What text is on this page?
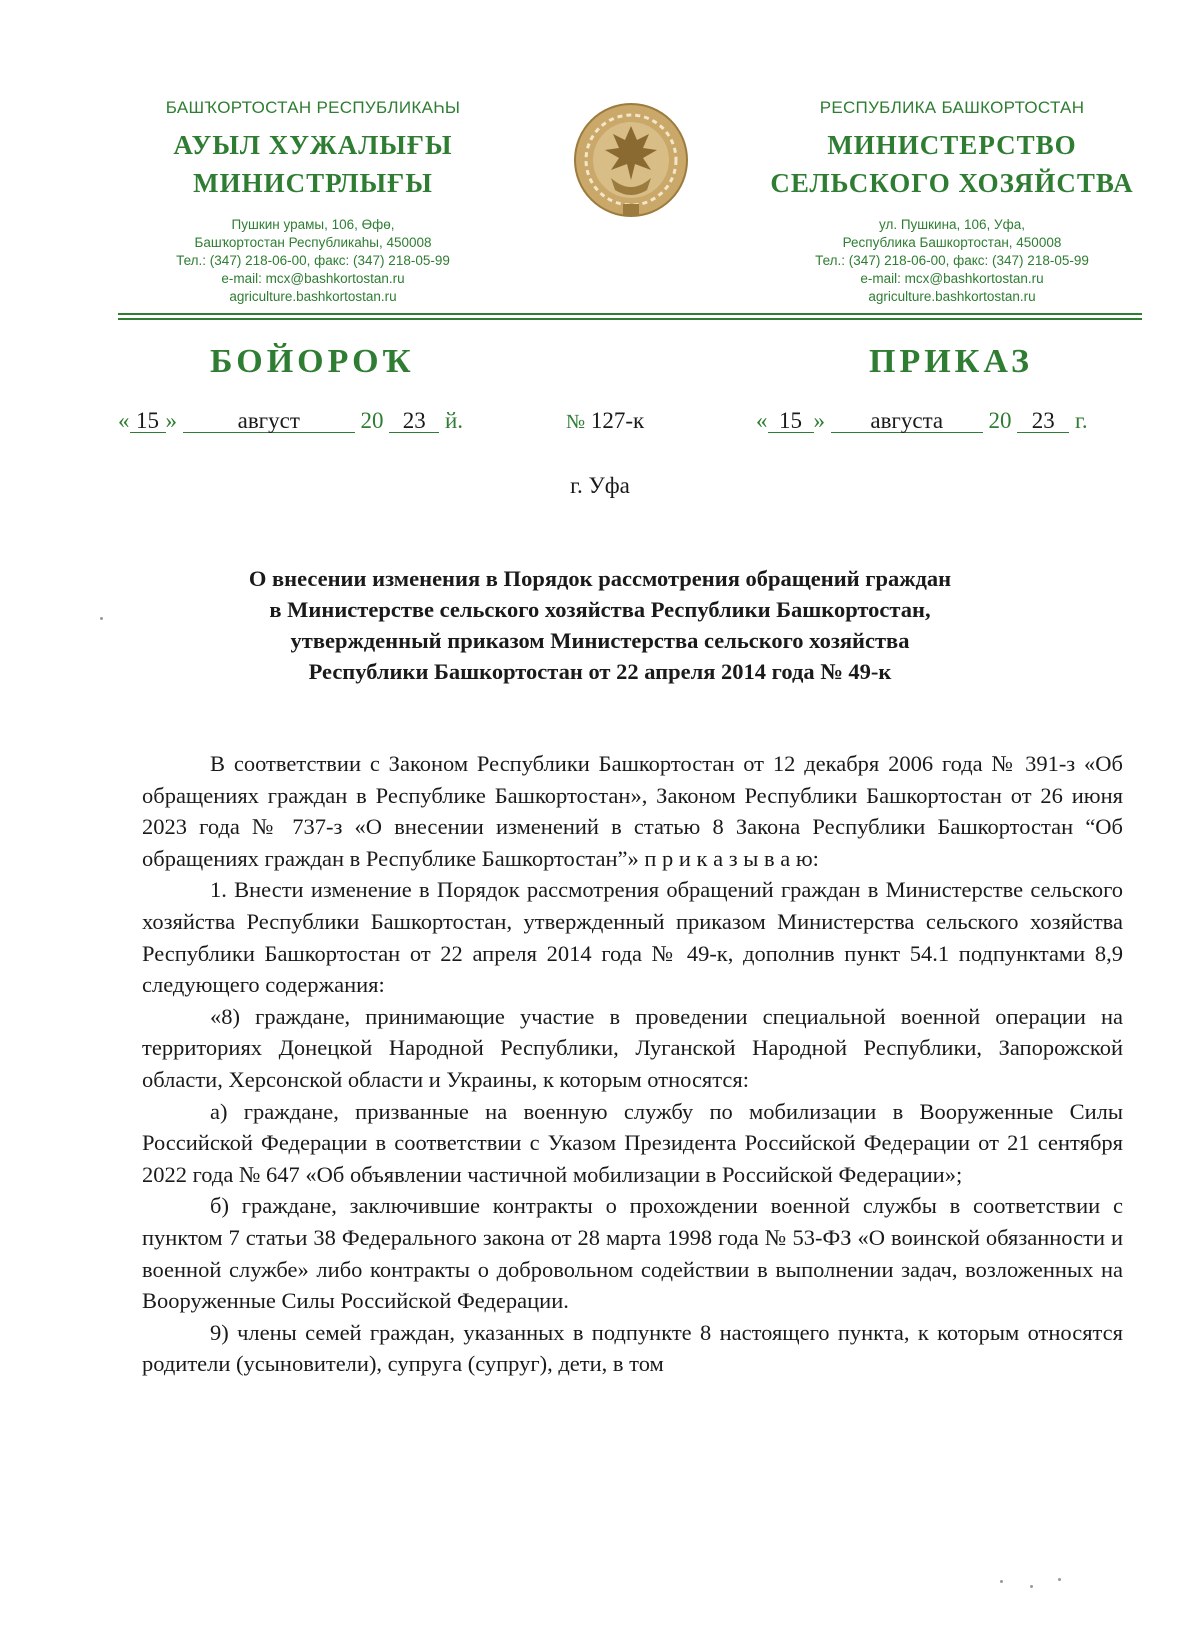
БАШҠОРТОСТАН РЕСПУБЛИКАҺЫ
АУЫЛ ХУЖАЛЫҒЫ
МИНИСТРЛЫҒЫ
Пушкин урамы, 106, Өфө,
Башҡортостан Республикаһы, 450008
Тел.: (347) 218-06-00, факс: (347) 218-05-99
e-mail: mcx@bashkortostan.ru
agriculture.bashkortostan.ru
РЕСПУБЛИКА БАШКОРТОСТАН
МИНИСТЕРСТВО
СЕЛЬСКОГО ХОЗЯЙСТВА
ул. Пушкина, 106, Уфа,
Республика Башкортостан, 450008
Тел.: (347) 218-06-00, факс: (347) 218-05-99
e-mail: mcx@bashkortostan.ru
agriculture.bashkortostan.ru
БОЙОРОҠ	ПРИКАЗ
« 15 »	август	20 23 й.	№ 127-к	« 15 » августа 20 23 г.
г. Уфа
О внесении изменения в Порядок рассмотрения обращений граждан
в Министерстве сельского хозяйства Республики Башкортостан,
утвержденный приказом Министерства сельского хозяйства
Республики Башкортостан от 22 апреля 2014 года № 49-к

В соответствии с Законом Республики Башкортостан от 12 декабря 2006 года № 391-з «Об обращениях граждан в Республике Башкортостан», Законом Республики Башкортостан от 26 июня 2023 года № 737-з «О внесении изменений в статью 8 Закона Республики Башкортостан “Об обращениях граждан в Республике Башкортостан”» п р и к а з ы в а ю:

1. Внести изменение в Порядок рассмотрения обращений граждан в Министерстве сельского хозяйства Республики Башкортостан, утвержденный приказом Министерства сельского хозяйства Республики Башкортостан от 22 апреля 2014 года № 49-к, дополнив пункт 54.1 подпунктами 8,9 следующего содержания:

«8) граждане, принимающие участие в проведении специальной военной операции на территориях Донецкой Народной Республики, Луганской Народной Республики, Запорожской области, Херсонской области и Украины, к которым относятся:

а) граждане, призванные на военную службу по мобилизации в Вооруженные Силы Российской Федерации в соответствии с Указом Президента Российской Федерации от 21 сентября 2022 года № 647 «Об объявлении частичной мобилизации в Российской Федерации»;

б) граждане, заключившие контракты о прохождении военной службы в соответствии с пунктом 7 статьи 38 Федерального закона от 28 марта 1998 года № 53-ФЗ «О воинской обязанности и военной службе» либо контракты о добровольном содействии в выполнении задач, возложенных на Вооруженные Силы Российской Федерации.

9) члены семей граждан, указанных в подпункте 8 настоящего пункта, к которым относятся родители (усыновители), супруга (супруг), дети, в том
